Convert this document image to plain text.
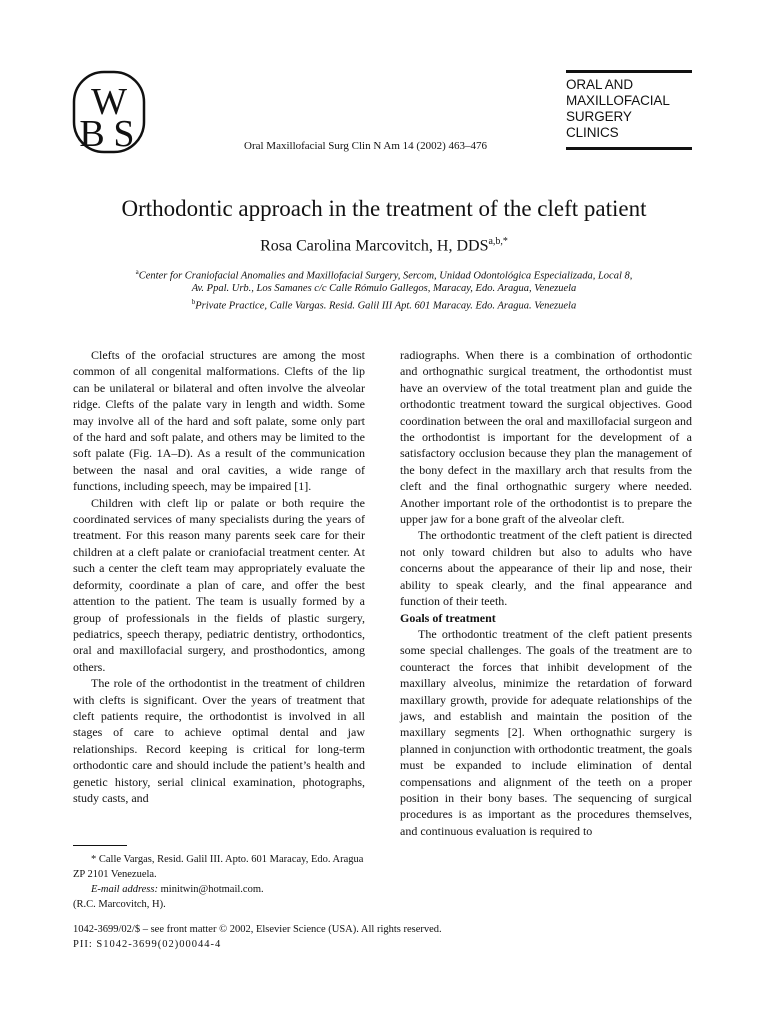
W
B S
ORAL AND
MAXILLOFACIAL
SURGERY
CLINICS
Oral Maxillofacial Surg Clin N Am 14 (2002) 463–476
Orthodontic approach in the treatment of the cleft patient
Rosa Carolina Marcovitch, H, $DDS^{a,b,*}$
$^a$Center for Craniofacial Anomalies and Maxillofacial Surgery, Sercom, Unidad Odontológica Especializada, Local 8,
Av. Ppal. Urb., Los Samanes c/c Calle Rómulo Gallegos, Maracay, Edo. Aragua, Venezuela
$^b$Private Practice, Calle Vargas. Resid. Galil III Apt. 601 Maracay. Edo. Aragua. Venezuela

Clefts of the orofacial structures are among the most common of all congenital malformations. Clefts of the lip can be unilateral or bilateral and often involve the alveolar ridge. Clefts of the palate vary in length and width. Some may involve all of the hard and soft palate, some only part of the hard and soft palate, and others may be limited to the soft palate (Fig. 1A–D). As a result of the communication between the nasal and oral cavities, a wide range of functions, including speech, may be impaired [1].

Children with cleft lip or palate or both require the coordinated services of many specialists during the years of treatment. For this reason many parents seek care for their children at a cleft palate or craniofacial treatment center. At such a center the cleft team may appropriately evaluate the deformity, coordinate a plan of care, and offer the best attention to the patient. The team is usually formed by a group of professionals in the fields of plastic surgery, pediatrics, speech therapy, pediatric dentistry, orthodontics, oral and maxillofacial surgery, and prosthodontics, among others.

The role of the orthodontist in the treatment of children with clefts is significant. Over the years of treatment that cleft patients require, the orthodontist is involved in all stages of care to achieve optimal dental and jaw relationships. Record keeping is critical for long-term orthodontic care and should include the patient’s health and genetic history, serial clinical examination, photographs, study casts, and

radiographs. When there is a combination of orthodontic and orthognathic surgical treatment, the orthodontist must have an overview of the total treatment plan and guide the orthodontic treatment toward the surgical objectives. Good coordination between the oral and maxillofacial surgeon and the orthodontist is important for the development of a satisfactory occlusion because they plan the management of the bony defect in the maxillary arch that results from the cleft and the final orthognathic surgery where needed. Another important role of the orthodontist is to prepare the upper jaw for a bone graft of the alveolar cleft.

The orthodontic treatment of the cleft patient is directed not only toward children but also to adults who have concerns about the appearance of their lip and nose, their ability to speak clearly, and the final appearance and function of their teeth.

Goals of treatment

The orthodontic treatment of the cleft patient presents some special challenges. The goals of the treatment are to counteract the forces that inhibit development of the maxillary alveolus, minimize the retardation of forward maxillary growth, provide for adequate relationships of the jaws, and establish and maintain the position of the maxillary segments [2]. When orthognathic surgery is planned in conjunction with orthodontic treatment, the goals must be expanded to include elimination of dental compensations and alignment of the teeth on a proper position in their bony bases. The sequencing of surgical procedures is as important as the procedures themselves, and continuous evaluation is required to

* Calle Vargas, Resid. Galil III. Apto. 601 Maracay, Edo. Aragua ZP 2101 Venezuela.

E-mail address: minitwin@hotmail.com.

(R.C. Marcovitch, H).

1042-3699/02/$ – see front matter © 2002, Elsevier Science (USA). All rights reserved.

PII: S1042-3699(02)00044-4
